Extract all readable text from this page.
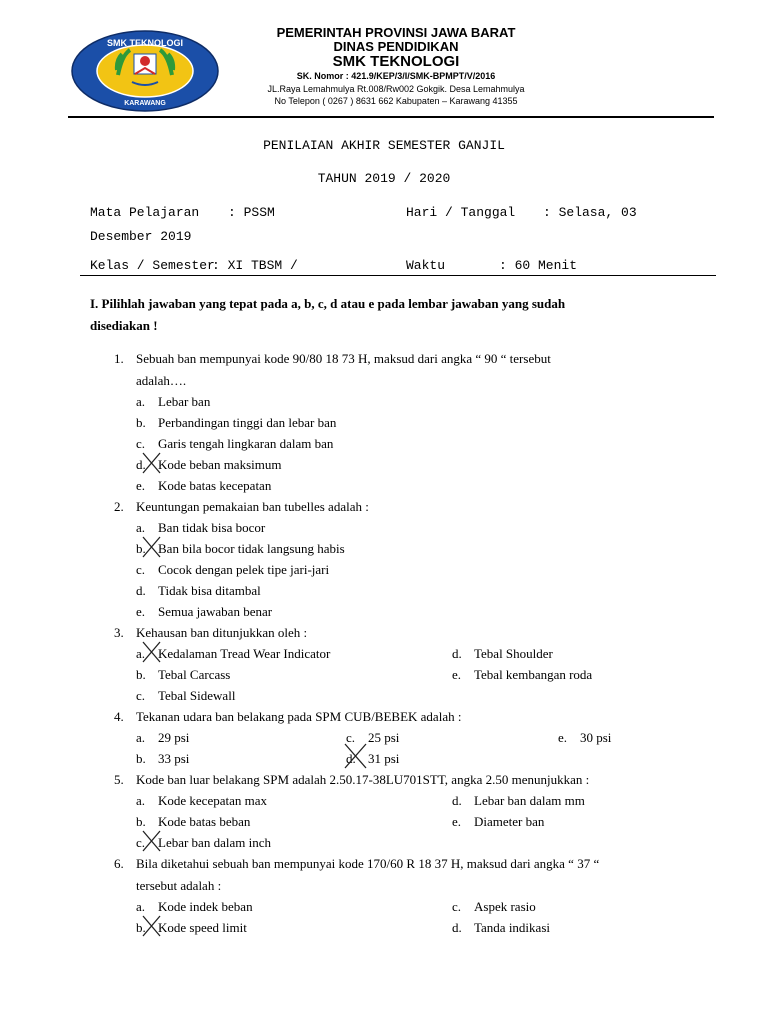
SMK TEKNOLOGI
KARAWANG
PEMERINTAH PROVINSI JAWA BARAT
DINAS PENDIDIKAN
SMK TEKNOLOGI
SK. Nomor : 421.9/KEP/3/I/SMK-BPMPT/V/2016
JL.Raya Lemahmulya Rt.008/Rw002 Gokgik. Desa Lemahmulya
No Telepon ( 0267 ) 8631 662 Kabupaten – Karawang 41355
PENILAIAN AKHIR SEMESTER GANJIL
TAHUN 2019 / 2020
Mata Pelajaran : PSSM	Hari / Tanggal : Selasa, 03
Desember 2019
Kelas / Semester
: XI TBSM /	Waktu	: 60 Menit
I. Pilihlah jawaban yang tepat pada a, b, c, d atau e pada lembar jawaban yang sudah
disediakan !
1. Sebuah ban mempunyai kode 90/80 18 73 H, maksud dari angka “ 90 “ tersebut
adalah….
a. Lebar ban
b. Perbandingan tinggi dan lebar ban
c. Garis tengah lingkaran dalam ban
d. Kode beban maksimum
e. Kode batas kecepatan
2. Keuntungan pemakaian ban tubelles adalah :
a. Ban tidak bisa bocor
b. Ban bila bocor tidak langsung habis
c. Cocok dengan pelek tipe jari-jari
d. Tidak bisa ditambal
e. Semua jawaban benar
3. Kehausan ban ditunjukkan oleh :
a. Kedalaman Tread Wear Indicator	d. Tebal Shoulder
b. Tebal Carcass	e. Tebal kembangan roda
c. Tebal Sidewall
4. Tekanan udara ban belakang pada SPM CUB/BEBEK adalah :
a. 29 psi	c. 25 psi	e. 30 psi
b. 33 psi	d. 31 psi
5. Kode ban luar belakang SPM adalah 2.50.17-38LU701STT, angka 2.50 menunjukkan :
a. Kode kecepatan max	d. Lebar ban dalam mm
b. Kode batas beban	e. Diameter ban
c. Lebar ban dalam inch
6. Bila diketahui sebuah ban mempunyai kode 170/60 R 18 37 H, maksud dari angka “ 37 “
tersebut adalah :
a. Kode indek beban	c. Aspek rasio
b. Kode speed limit	d. Tanda indikasi
